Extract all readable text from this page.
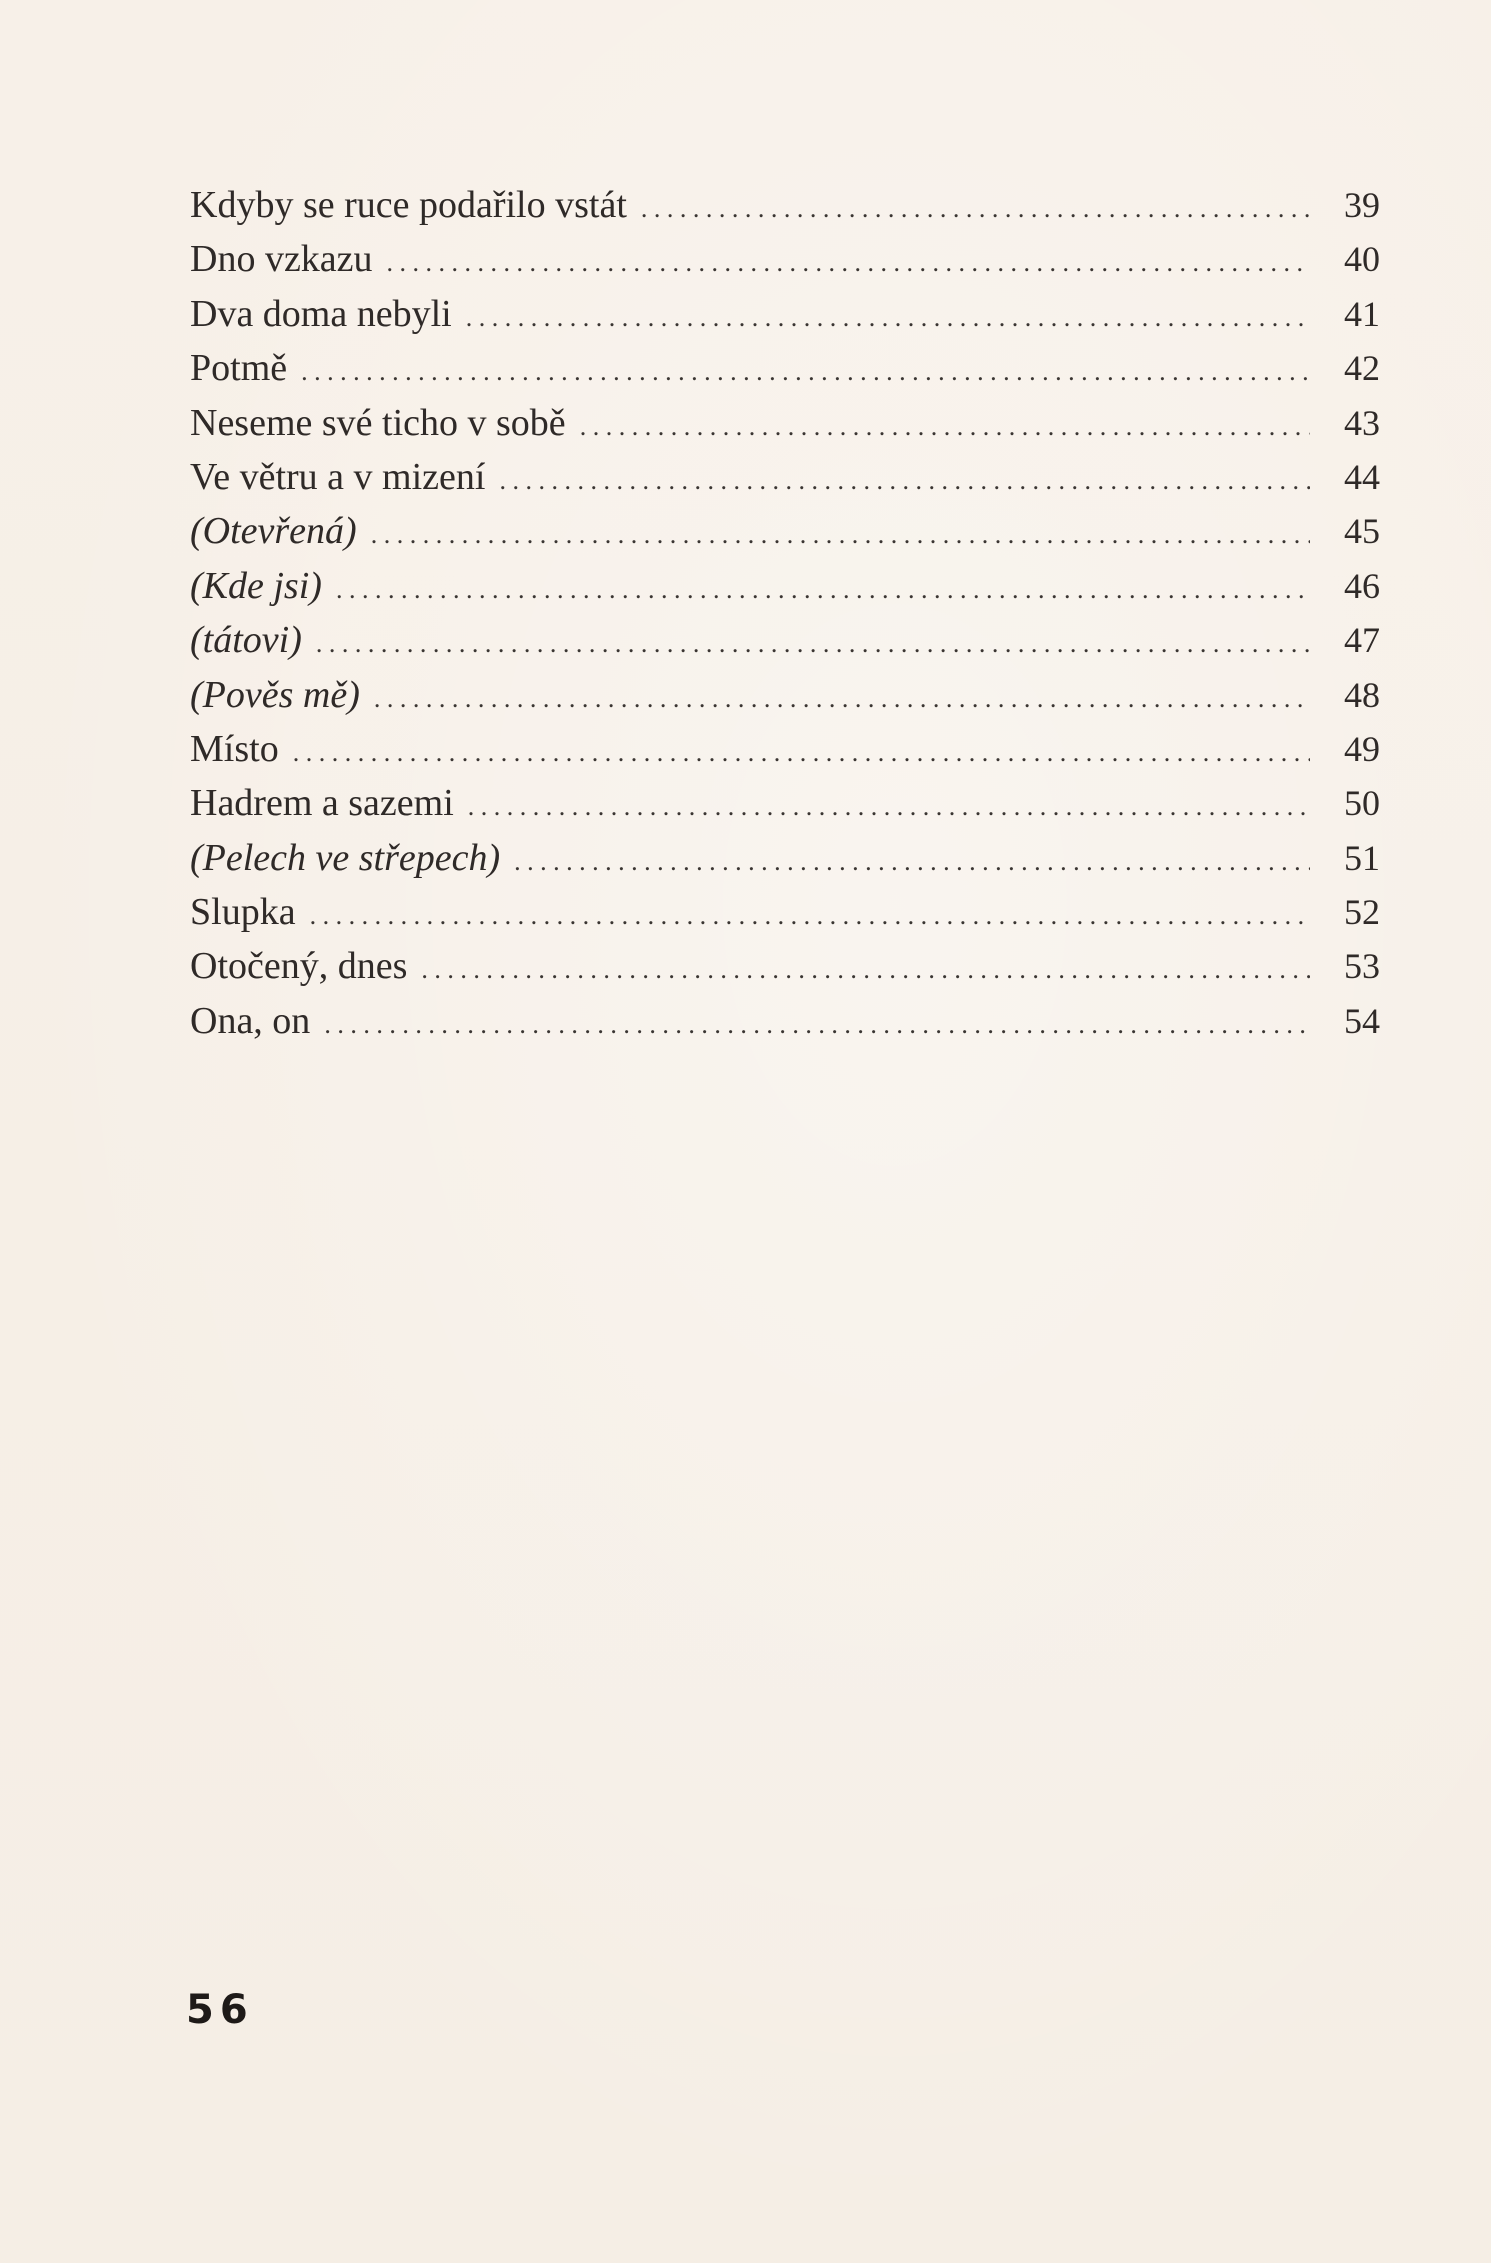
Kdyby se ruce podařilo vstát . . .	39
Dno vzkazu . . .	40
Dva doma nebyli . . .	41
Potmě . . .	42
Neseme své ticho v sobě . . .	43
Ve větru a v mizení . . .	44
(Otevřená) . . .	45
(Kde jsi) . . .	46
(tátovi) . . .	47
(Pověs mě) . . .	48
Místo . . .	49
Hadrem a sazemi . . .	50
(Pelech ve střepech) . . .	51
Slupka . . .	52
Otočený, dnes . . .	53
Ona, on . . .	54
56
